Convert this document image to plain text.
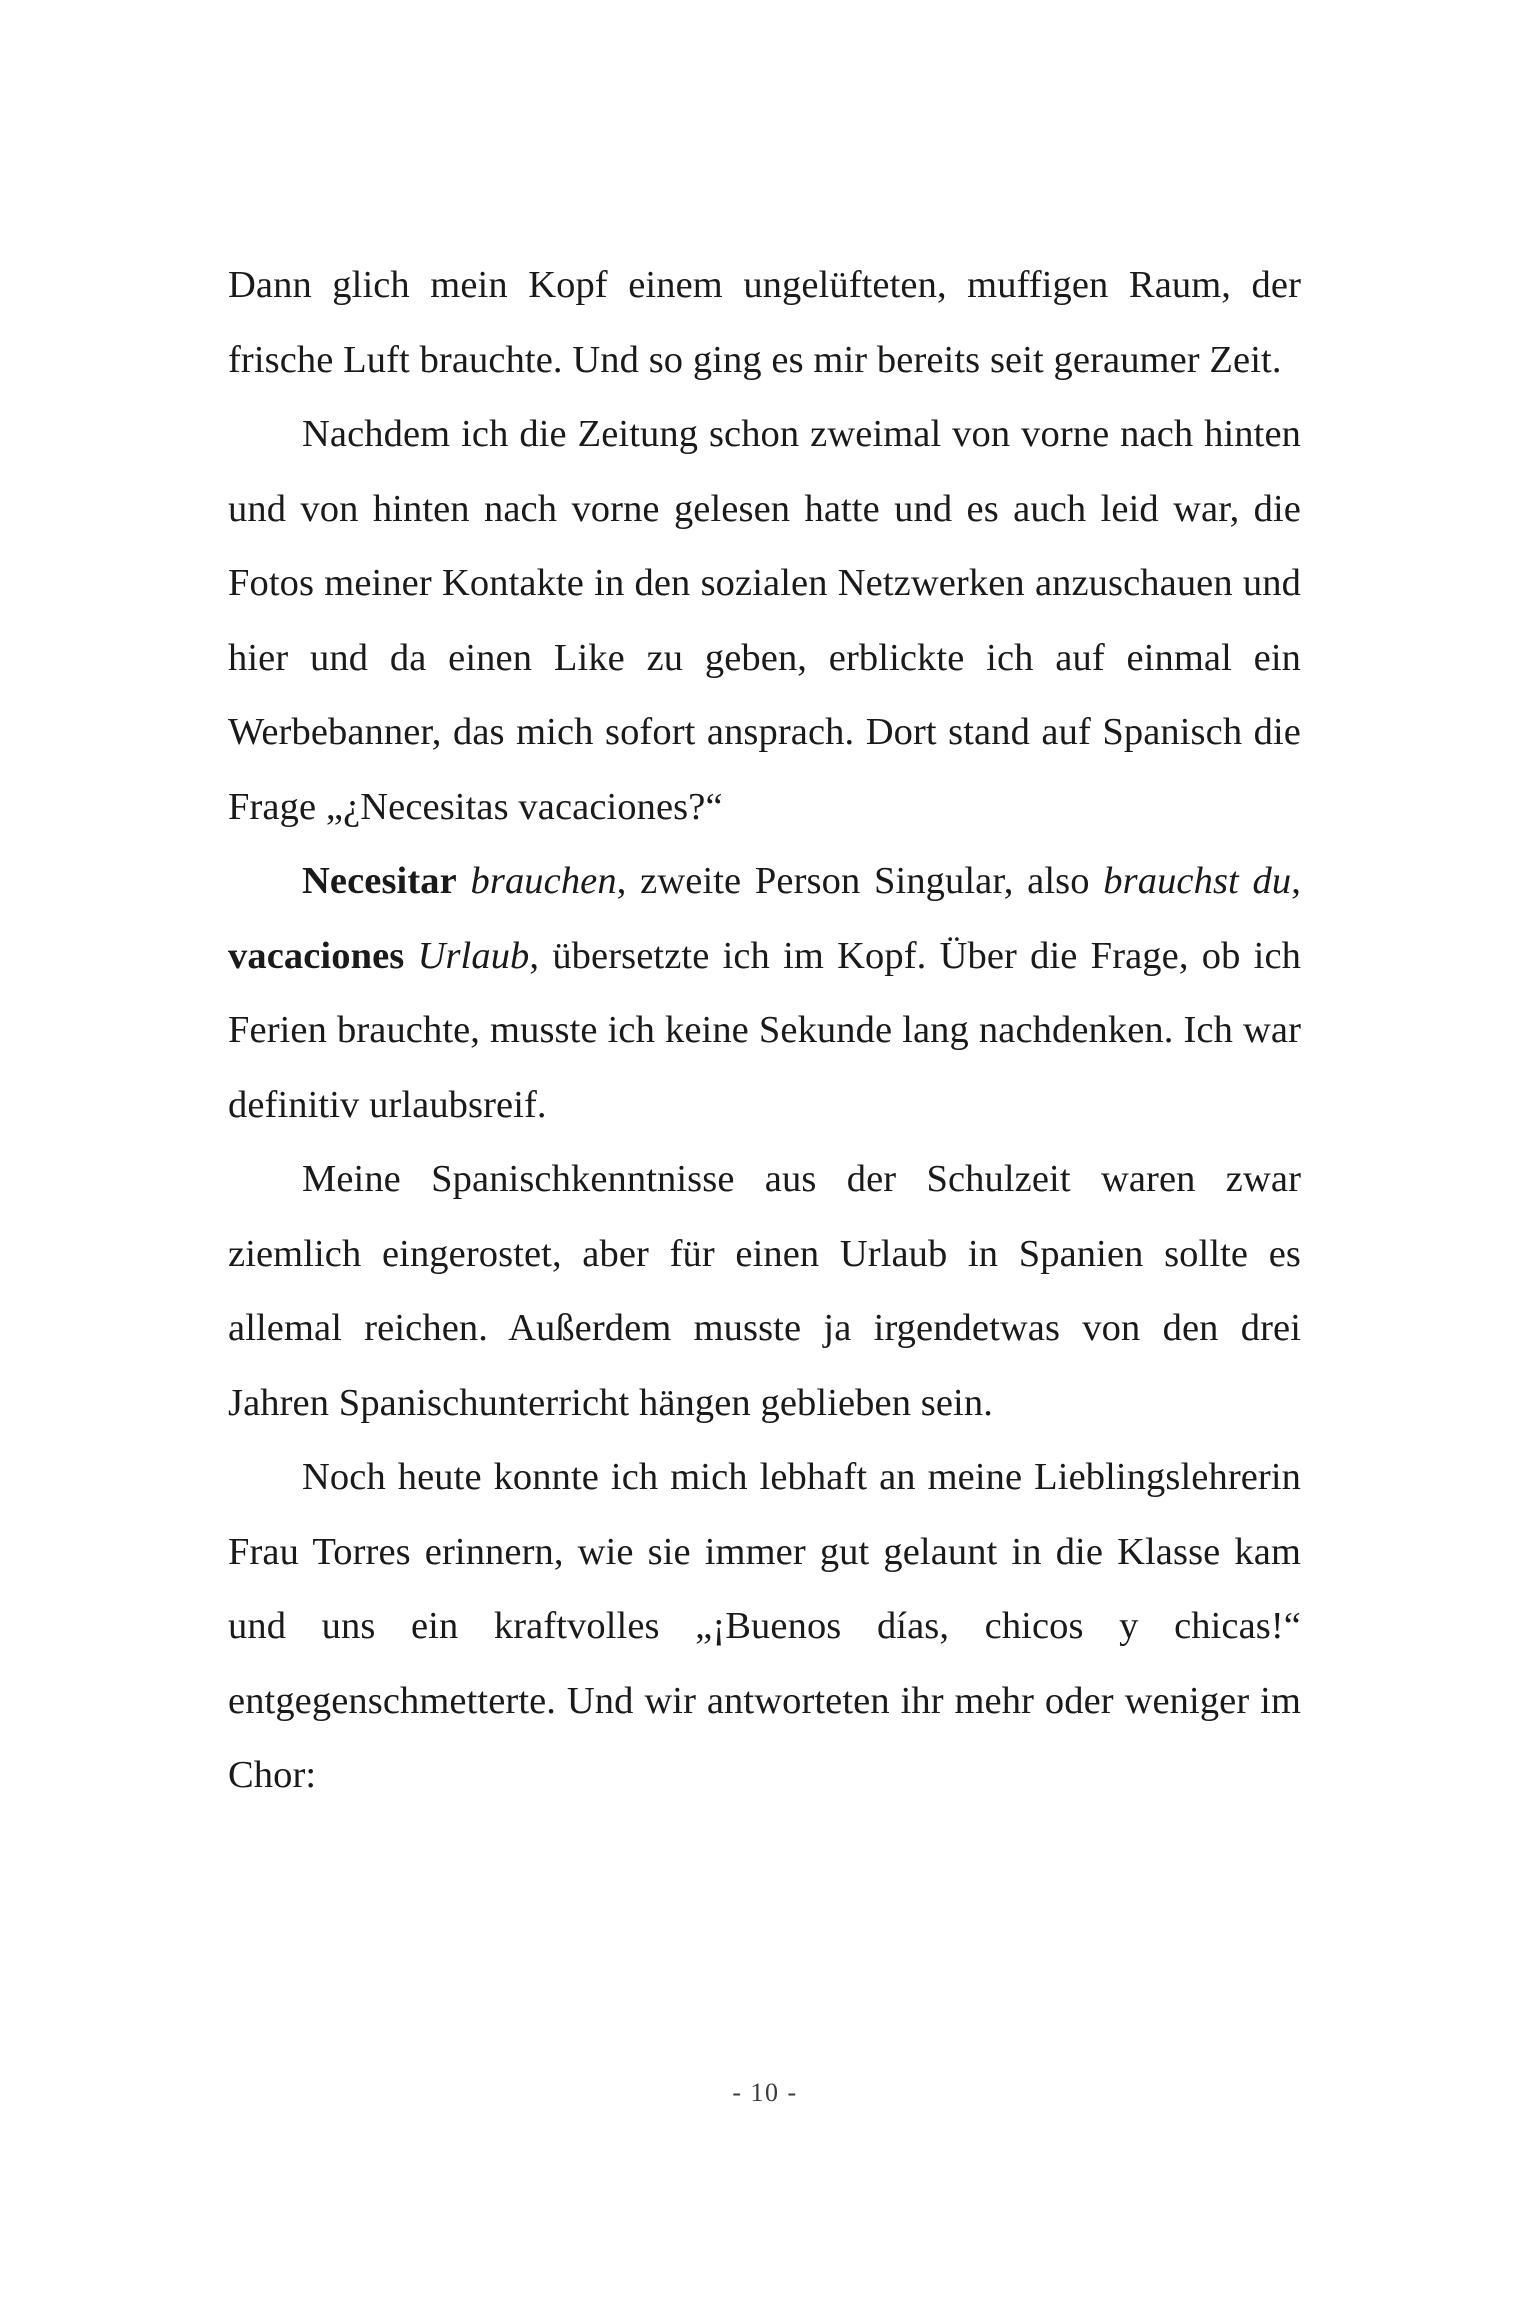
Dann glich mein Kopf einem ungelüfteten, muffigen Raum, der frische Luft brauchte. Und so ging es mir bereits seit geraumer Zeit.

Nachdem ich die Zeitung schon zweimal von vorne nach hinten und von hinten nach vorne gelesen hatte und es auch leid war, die Fotos meiner Kontakte in den sozialen Netzwerken anzuschauen und hier und da einen Like zu geben, erblickte ich auf einmal ein Werbebanner, das mich sofort ansprach. Dort stand auf Spanisch die Frage „¿Necesitas vacaciones?“

Necesitar brauchen, zweite Person Singular, also brauchst du, vacaciones Urlaub, übersetzte ich im Kopf. Über die Frage, ob ich Ferien brauchte, musste ich keine Sekunde lang nachdenken. Ich war definitiv urlaubsreif.

Meine Spanischkenntnisse aus der Schulzeit waren zwar ziemlich eingerostet, aber für einen Urlaub in Spanien sollte es allemal reichen. Außerdem musste ja irgendetwas von den drei Jahren Spanischunterricht hängen geblieben sein.

Noch heute konnte ich mich lebhaft an meine Lieblingslehrerin Frau Torres erinnern, wie sie immer gut gelaunt in die Klasse kam und uns ein kraftvolles „¡Buenos días, chicos y chicas!“ entgegenschmetterte. Und wir antworteten ihr mehr oder weniger im Chor:

- 10 -
